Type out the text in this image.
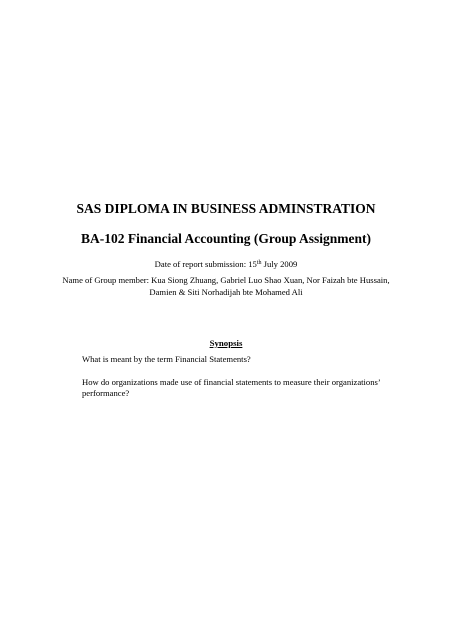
SAS DIPLOMA IN BUSINESS ADMINSTRATION
BA-102 Financial Accounting (Group Assignment)
Date of report submission: 15th July 2009
Name of Group member: Kua Siong Zhuang, Gabriel Luo Shao Xuan, Nor Faizah bte Hussain,
Damien & Siti Norhadijah bte Mohamed Ali
Synopsis
What is meant by the term Financial Statements?
How do organizations made use of financial statements to measure their organizations’ performance?
